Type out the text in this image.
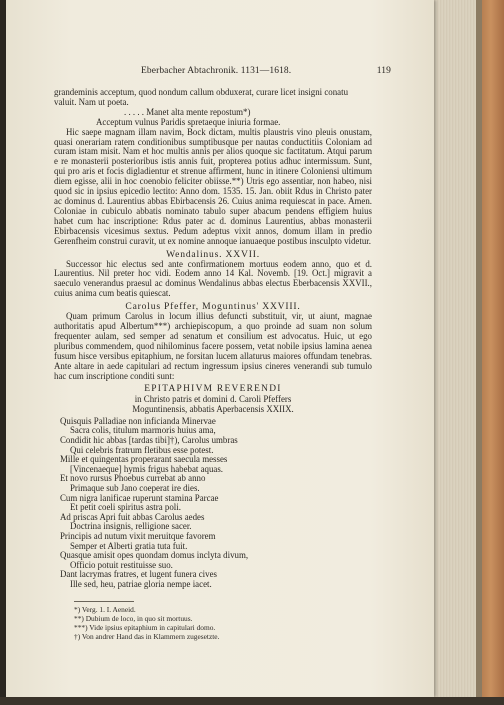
Eberbacher Abtachronik. 1131—1618.	119

grandeminis acceptum, quod nondum callum obduxerat, curare licet insigni conatu

valuit. Nam ut poeta.

. . . . . Manet alta mente repostum*)

Acceptum vulnus Paridis spretaeque iniuria formae.

Hic saepe magnam illam navim, Bock dictam, multis plaustris vino pleuis onustam, quasi onerariam ratem conditionibus sumptibusque per nautas conductitiis Coloniam ad curam istam misit. Nam et hoc multis annis per alios quoque sic factitatum. Atqui parum e re monasterii posterioribus istis annis fuit, propterea potius adhuc intermissum. Sunt, qui pro aris et focis digladientur et strenue affirment, hunc in itinere Coloniensi ultimum diem egisse, alii in hoc coenobio feliciter obiisse.**) Utris ego assentiar, non habeo, nisi quod sic in ipsius epicedio lectito: Anno dom. 1535. 15. Jan. obiit Rdus in Christo pater ac dominus d. Laurentius abbas Ebirbacensis 26. Cuius anima requiescat in pace. Amen. Coloniae in cubiculo abbatis nominato tabulo super abacum pendens effigiem huius habet cum hac inscriptione: Rdus pater ac d. dominus Laurentius, abbas monasterii Ebirbacensis vicesimus sextus. Pedum adeptus vixit annos, domum illam in predio Gerenfheim construi curavit, ut ex nomine annoque ianuaeque postibus insculpto videtur.

Wendalinus. XXVII.

Successor hic electus sed ante confirmationem mortuus eodem anno, quo et d. Laurentius. Nil preter hoc vidi. Eodem anno 14 Kal. Novemb. [19. Oct.] migravit a saeculo venerandus praesul ac dominus Wendalinus abbas electus Eberbacensis XXVII., cuius anima cum beatis quiescat.

Carolus Pfeffer, Moguntinus' XXVIII.

Quam primum Carolus in locum illius defuncti substituit, vir, ut aiunt, magnae authoritatis apud Albertum***) archiepiscopum, a quo proinde ad suam non solum frequenter aulam, sed semper ad senatum et consilium est advocatus. Huic, ut ego pluribus commendem, quod nihilominus facere possem, vetat nobile ipsius lamina aenea fusum hisce versibus epitaphium, ne forsitan lucem allaturus maiores offundam tenebras. Ante altare in aede capitulari ad rectum ingressum ipsius cineres venerandi sub tumulo hac cum inscriptione conditi sunt:

EPITAPHIVM REVERENDI

in Christo patris et domini d. Caroli Pfeffers

Moguntinensis, abbatis Aperbacensis XXIIX.

Quisquis Palladiae non inficianda Minervae
Sacra colis, titulum marmoris huius ama,
Condidit hic abbas [tardas tibi]†), Carolus umbras
Qui celebris fratrum fletibus esse potest.
Mille et quingentas properarant saecula messes
[Vincenaeque] hymis frigus habebat aquas.
Et novo rursus Phoebus currebat ab anno
Primaque sub Jano coeperat ire dies.
Cum nigra lanificae ruperunt stamina Parcae
Et petit coeli spiritus astra poli.
Ad priscas Apri fuit abbas Carolus aedes
Doctrina insignis, relligione sacer.
Principis ad nutum vixit meruitque favorem
Semper et Alberti gratia tuta fuit.
Quasque amisit opes quondam domus inclyta divum,
Officio potuit restituisse suo.
Dant lacrymas fratres, et lugent funera cives
Ille sed, heu, patriae gloria nempe iacet.
*) Verg. 1. I. Aeneid.
**) Dubium de loco, in quo sit mortuus.
***) Vide ipsius epitaphium in capitulari domo.
†) Von andrer Hand das in Klammern zugesetzte.
